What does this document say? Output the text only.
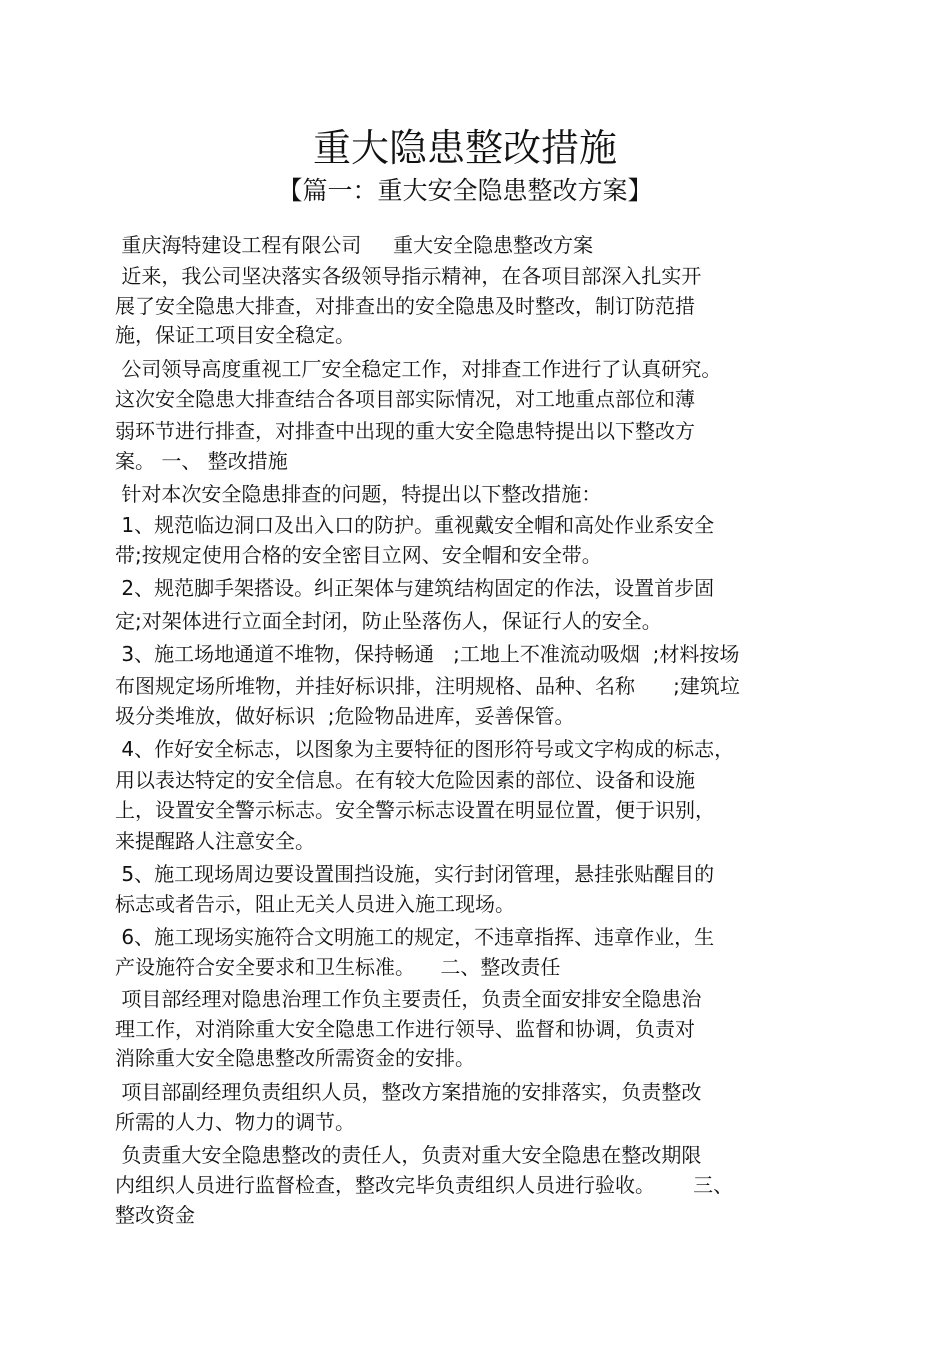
重大隐患整改措施
【篇一：重大安全隐患整改方案】
重庆海特建设工程有限公司     重大安全隐患整改方案
近来，我公司坚决落实各级领导指示精神，在各项目部深入扎实开
展了安全隐患大排查，对排查出的安全隐患及时整改，制订防范措
施，保证工项目安全稳定。
公司领导高度重视工厂安全稳定工作，对排查工作进行了认真研究。
这次安全隐患大排查结合各项目部实际情况，对工地重点部位和薄
弱环节进行排查，对排查中出现的重大安全隐患特提出以下整改方
案。 一、 整改措施
针对本次安全隐患排查的问题，特提出以下整改措施：
1、规范临边洞口及出入口的防护。重视戴安全帽和高处作业系安全
带;按规定使用合格的安全密目立网、安全帽和安全带。
2、规范脚手架搭设。纠正架体与建筑结构固定的作法，设置首步固
定;对架体进行立面全封闭，防止坠落伤人，保证行人的安全。
3、施工场地通道不堆物，保持畅通   ;工地上不准流动吸烟  ;材料按场
布图规定场所堆物，并挂好标识排，注明规格、品种、名称      ;建筑垃
圾分类堆放，做好标识  ;危险物品进库，妥善保管。
4、作好安全标志，以图象为主要特征的图形符号或文字构成的标志，
用以表达特定的安全信息。在有较大危险因素的部位、设备和设施
上，设置安全警示标志。安全警示标志设置在明显位置，便于识别，
来提醒路人注意安全。
5、施工现场周边要设置围挡设施，实行封闭管理，悬挂张贴醒目的
标志或者告示，阻止无关人员进入施工现场。
6、施工现场实施符合文明施工的规定，不违章指挥、违章作业，生
产设施符合安全要求和卫生标准。    二、整改责任
项目部经理对隐患治理工作负主要责任，负责全面安排安全隐患治
理工作，对消除重大安全隐患工作进行领导、监督和协调，负责对
消除重大安全隐患整改所需资金的安排。
项目部副经理负责组织人员，整改方案措施的安排落实，负责整改
所需的人力、物力的调节。
负责重大安全隐患整改的责任人，负责对重大安全隐患在整改期限
内组织人员进行监督检查，整改完毕负责组织人员进行验收。      三、
整改资金
